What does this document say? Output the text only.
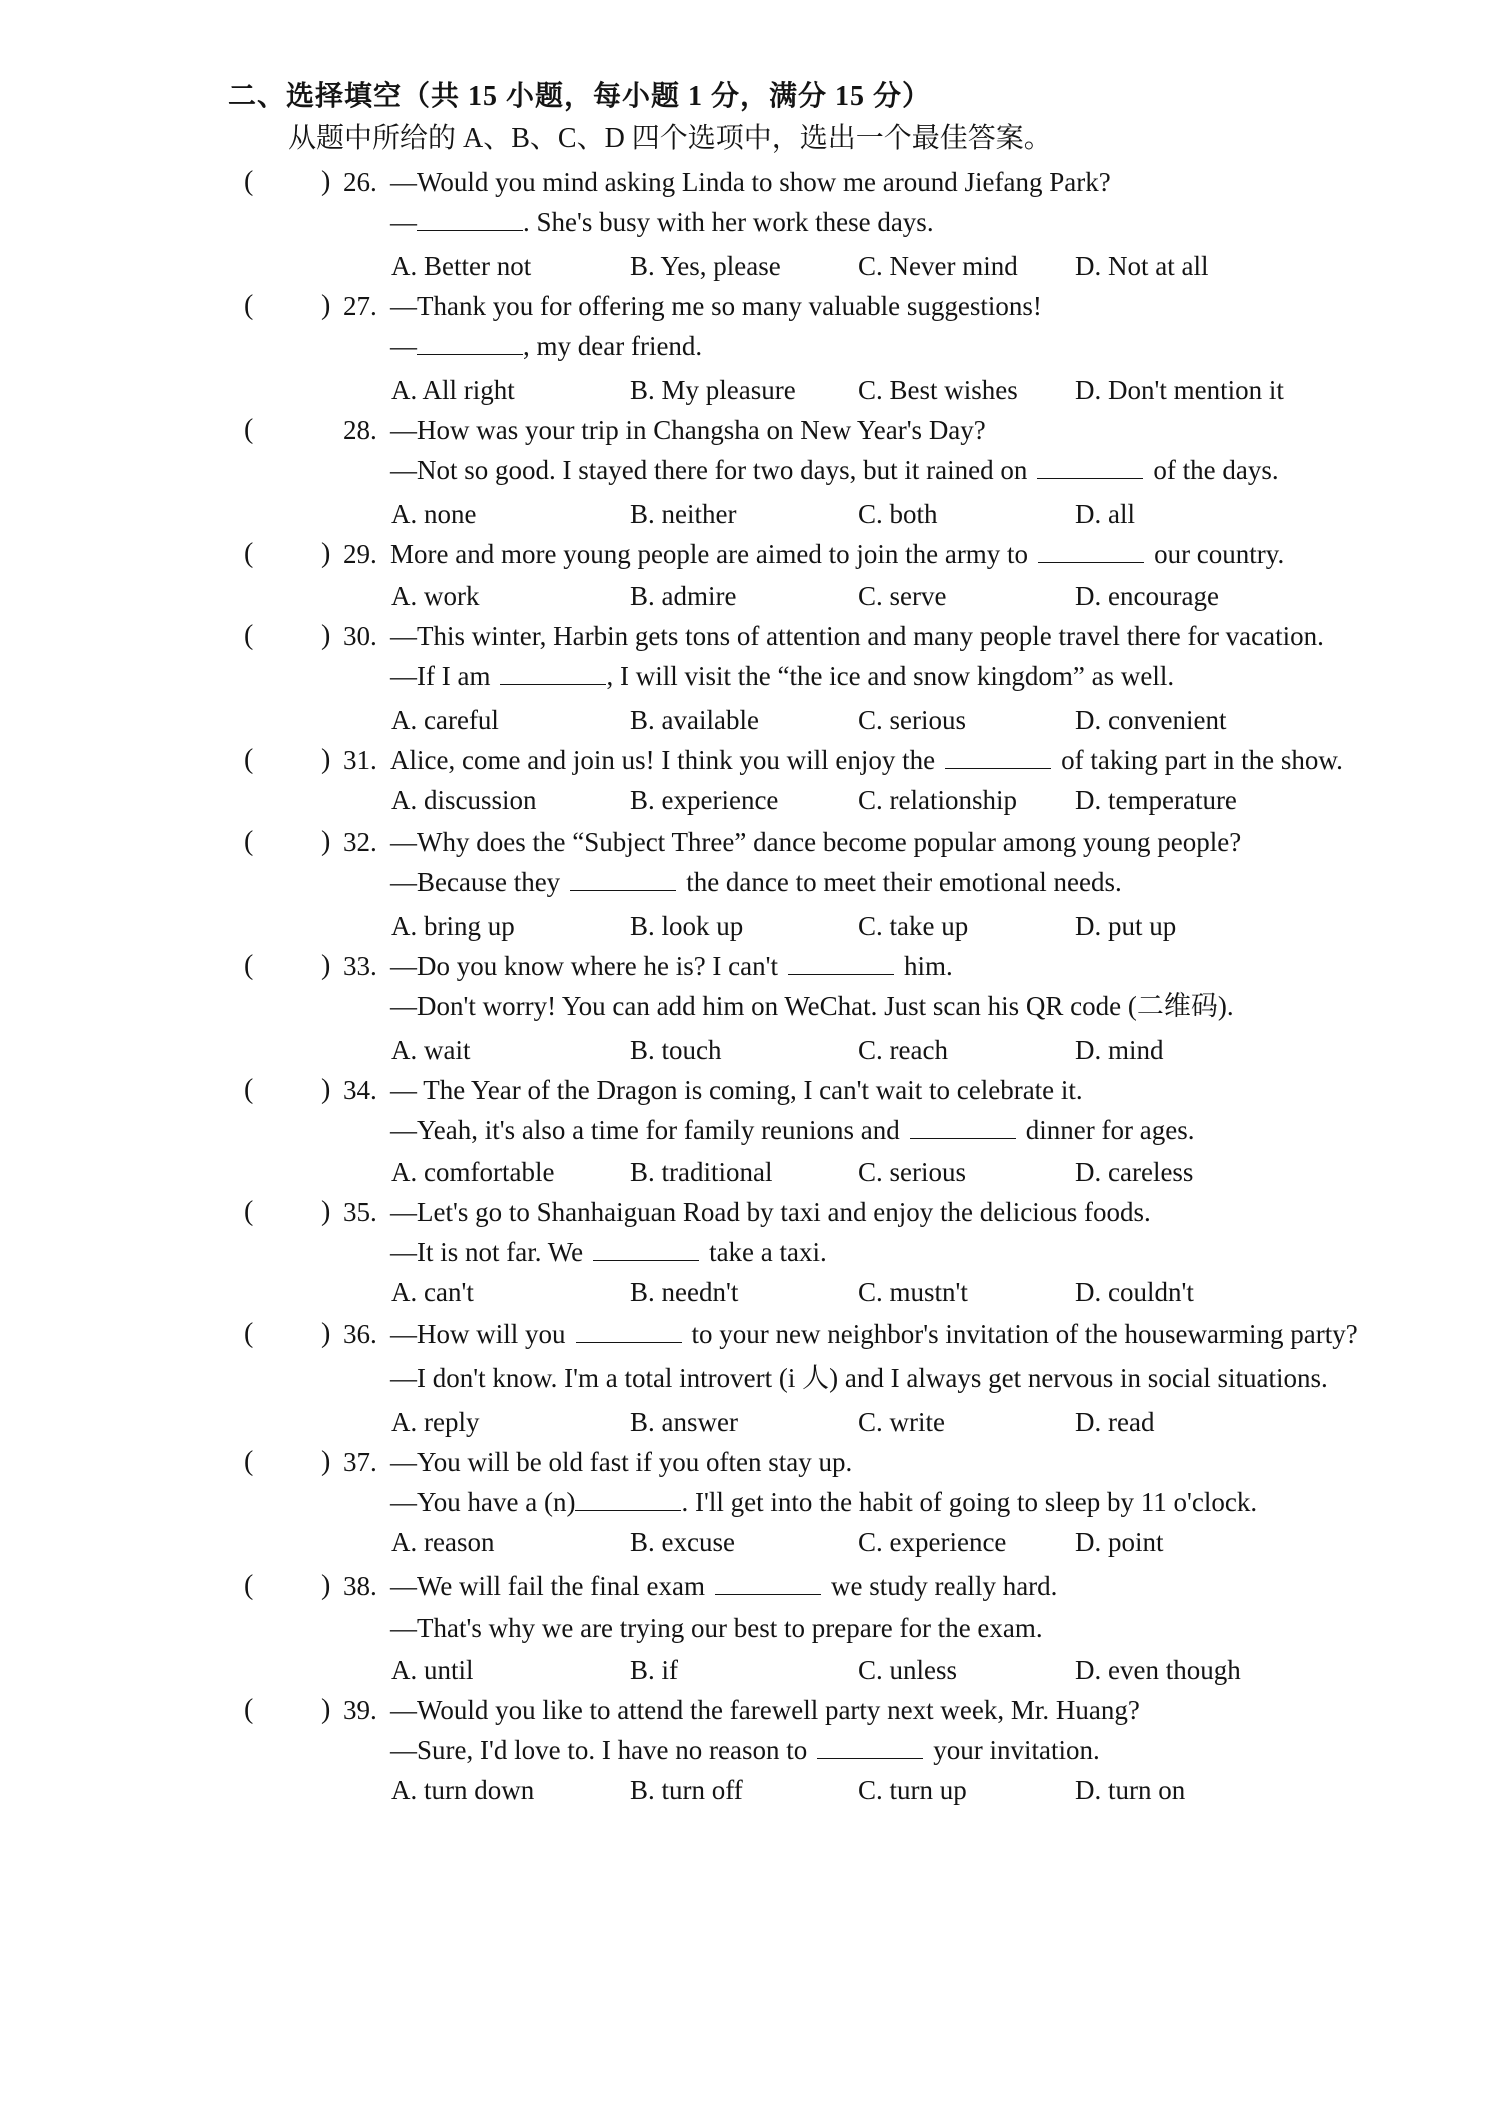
二、选择填空（共 15 小题，每小题 1 分，满分 15 分）
从题中所给的 A、B、C、D 四个选项中，选出一个最佳答案。
( ) 26. —Would you mind asking Linda to show me around Jiefang Park?
—	. She's busy with her work these days.
A. Better not	B. Yes, please	C. Never mind D. Not at all
( ) 27. —Thank you for offering me so many valuable suggestions!
—	, my dear friend.
A. All right	B. My pleasure C. Best wishes D. Don't mention it
(	28. —How was your trip in Changsha on New Year's Day?
—Not so good. I stayed there for two days, but it rained on	of the days.
A. none	B. neither	C. both	D. all
( ) 29. More and more young people are aimed to join the army to	our country.
A. work	B. admire	C. serve	D. encourage
( ) 30. —This winter, Harbin gets tons of attention and many people travel there for vacation.
—If I am	, I will visit the “the ice and snow kingdom” as well.
A. careful	B. available	C. serious	D. convenient
( ) 31. Alice, come and join us! I think you will enjoy the	of taking part in the show.
A. discussion	B. experience	C. relationship D. temperature
( ) 32. —Why does the “Subject Three” dance become popular among young people?
—Because they	the dance to meet their emotional needs.
A. bring up	B. look up	C. take up	D. put up
( ) 33. —Do you know where he is? I can't	him.
—Don't worry! You can add him on WeChat. Just scan his QR code (二维码).
A. wait	B. touch	C. reach	D. mind
( ) 34. — The Year of the Dragon is coming, I can't wait to celebrate it.
—Yeah, it's also a time for family reunions and	dinner for ages.
A. comfortable	B. traditional	C. serious	D. careless
( ) 35. —Let's go to Shanhaiguan Road by taxi and enjoy the delicious foods.
—It is not far. We	take a taxi.
A. can't	B. needn't	C. mustn't	D. couldn't
( ) 36. —How will you	to your new neighbor's invitation of the housewarming party?
—I don't know. I'm a total introvert (i 人) and I always get nervous in social situations.
A. reply	B. answer	C. write	D. read
( ) 37. —You will be old fast if you often stay up.
—You have a (n)	. I'll get into the habit of going to sleep by 11 o'clock.
A. reason	B. excuse	C. experience	D. point
( ) 38. —We will fail the final exam	we study really hard.
—That's why we are trying our best to prepare for the exam.
A. until	B. if	C. unless	D. even though
( ) 39. —Would you like to attend the farewell party next week, Mr. Huang?
—Sure, I'd love to. I have no reason to	your invitation.
A. turn down	B. turn off	C. turn up	D. turn on
